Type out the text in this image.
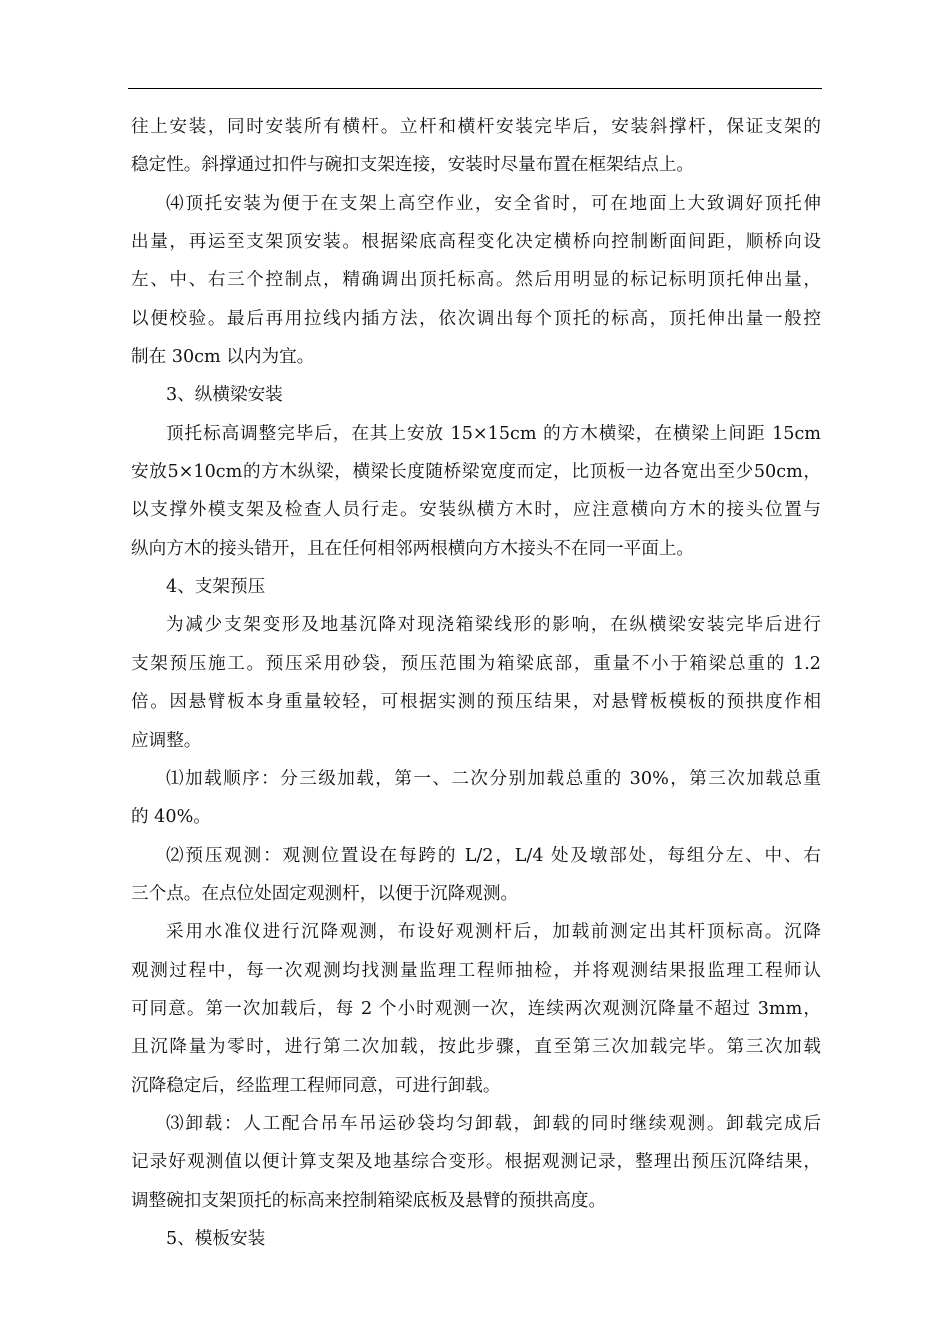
往上安装，同时安装所有横杆。立杆和横杆安装完毕后，安装斜撑杆，保证支架的
稳定性。斜撑通过扣件与碗扣支架连接，安装时尽量布置在框架结点上。
⑷顶托安装为便于在支架上高空作业，安全省时，可在地面上大致调好顶托伸
出量，再运至支架顶安装。根据梁底高程变化决定横桥向控制断面间距，顺桥向设
左、中、右三个控制点，精确调出顶托标高。然后用明显的标记标明顶托伸出量，
以便校验。最后再用拉线内插方法，依次调出每个顶托的标高，顶托伸出量一般控
制在 30cm 以内为宜。
3、纵横梁安装
顶托标高调整完毕后，在其上安放 15×15cm 的方木横梁，在横梁上间距 15cm
安放5×10cm的方木纵梁，横梁长度随桥梁宽度而定，比顶板一边各宽出至少50cm，
以支撑外模支架及检查人员行走。安装纵横方木时，应注意横向方木的接头位置与
纵向方木的接头错开，且在任何相邻两根横向方木接头不在同一平面上。
4、支架预压
为减少支架变形及地基沉降对现浇箱梁线形的影响，在纵横梁安装完毕后进行
支架预压施工。预压采用砂袋，预压范围为箱梁底部，重量不小于箱梁总重的 1.2
倍。因悬臂板本身重量较轻，可根据实测的预压结果，对悬臂板模板的预拱度作相
应调整。
⑴加载顺序：分三级加载，第一、二次分别加载总重的 30%，第三次加载总重
的 40%。
⑵预压观测：观测位置设在每跨的 L/2，L/4 处及墩部处，每组分左、中、右
三个点。在点位处固定观测杆，以便于沉降观测。
采用水准仪进行沉降观测，布设好观测杆后，加载前测定出其杆顶标高。沉降
观测过程中，每一次观测均找测量监理工程师抽检，并将观测结果报监理工程师认
可同意。第一次加载后，每 2 个小时观测一次，连续两次观测沉降量不超过 3mm，
且沉降量为零时，进行第二次加载，按此步骤，直至第三次加载完毕。第三次加载
沉降稳定后，经监理工程师同意，可进行卸载。
⑶卸载：人工配合吊车吊运砂袋均匀卸载，卸载的同时继续观测。卸载完成后
记录好观测值以便计算支架及地基综合变形。根据观测记录，整理出预压沉降结果，
调整碗扣支架顶托的标高来控制箱梁底板及悬臂的预拱高度。
5、模板安装
